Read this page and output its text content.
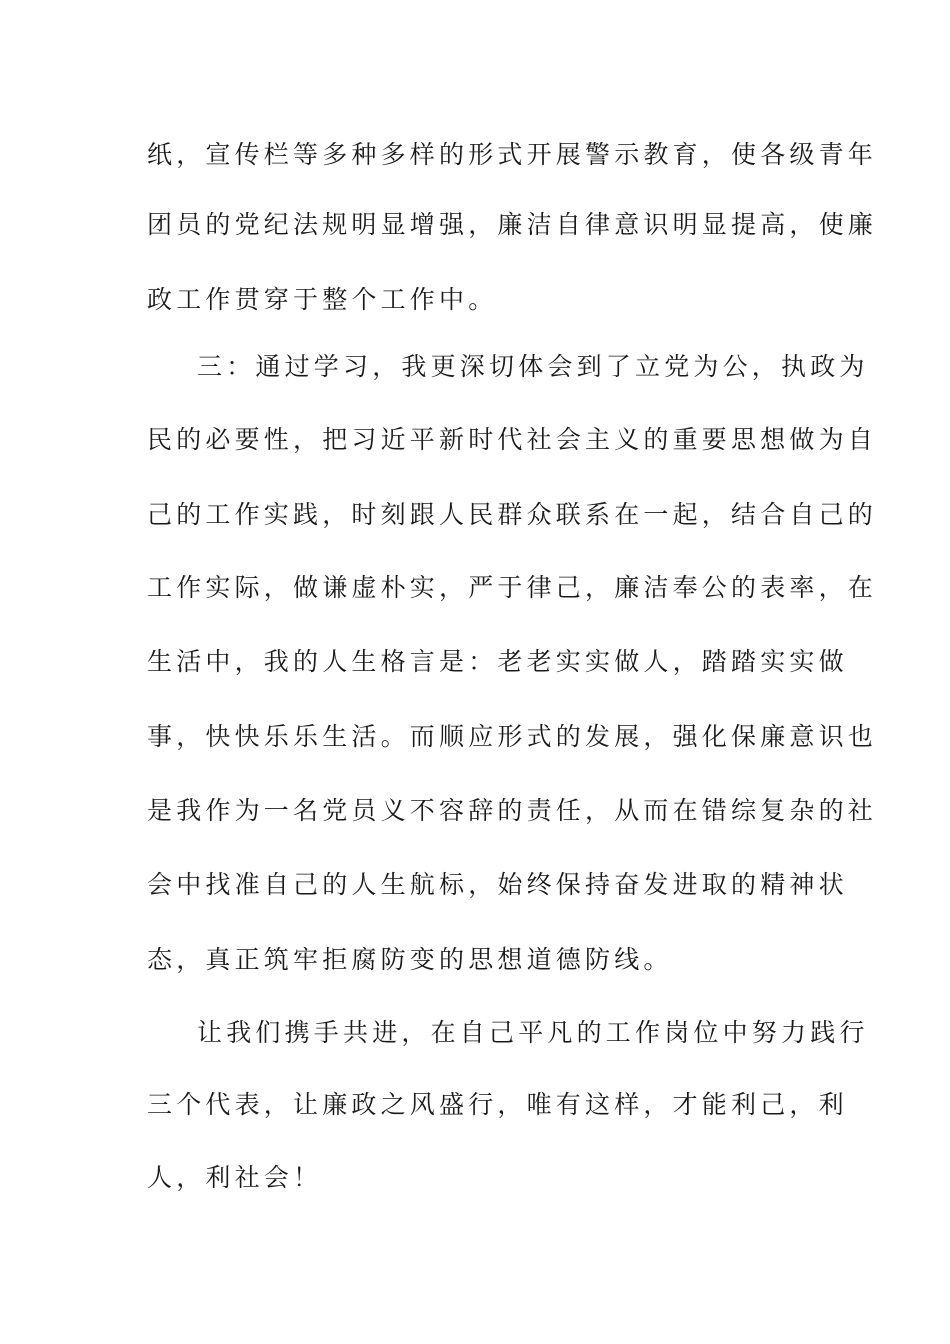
纸，宣传栏等多种多样的形式开展警示教育，使各级青年
团员的党纪法规明显增强，廉洁自律意识明显提高，使廉
政工作贯穿于整个工作中。
三：通过学习，我更深切体会到了立党为公，执政为
民的必要性，把习近平新时代社会主义的重要思想做为自
己的工作实践，时刻跟人民群众联系在一起，结合自己的
工作实际，做谦虚朴实，严于律己，廉洁奉公的表率，在
生活中，我的人生格言是：老老实实做人，踏踏实实做
事，快快乐乐生活。而顺应形式的发展，强化保廉意识也
是我作为一名党员义不容辞的责任，从而在错综复杂的社
会中找准自己的人生航标，始终保持奋发进取的精神状
态，真正筑牢拒腐防变的思想道德防线。
让我们携手共进，在自己平凡的工作岗位中努力践行
三个代表，让廉政之风盛行，唯有这样，才能利己，利
人，利社会！
